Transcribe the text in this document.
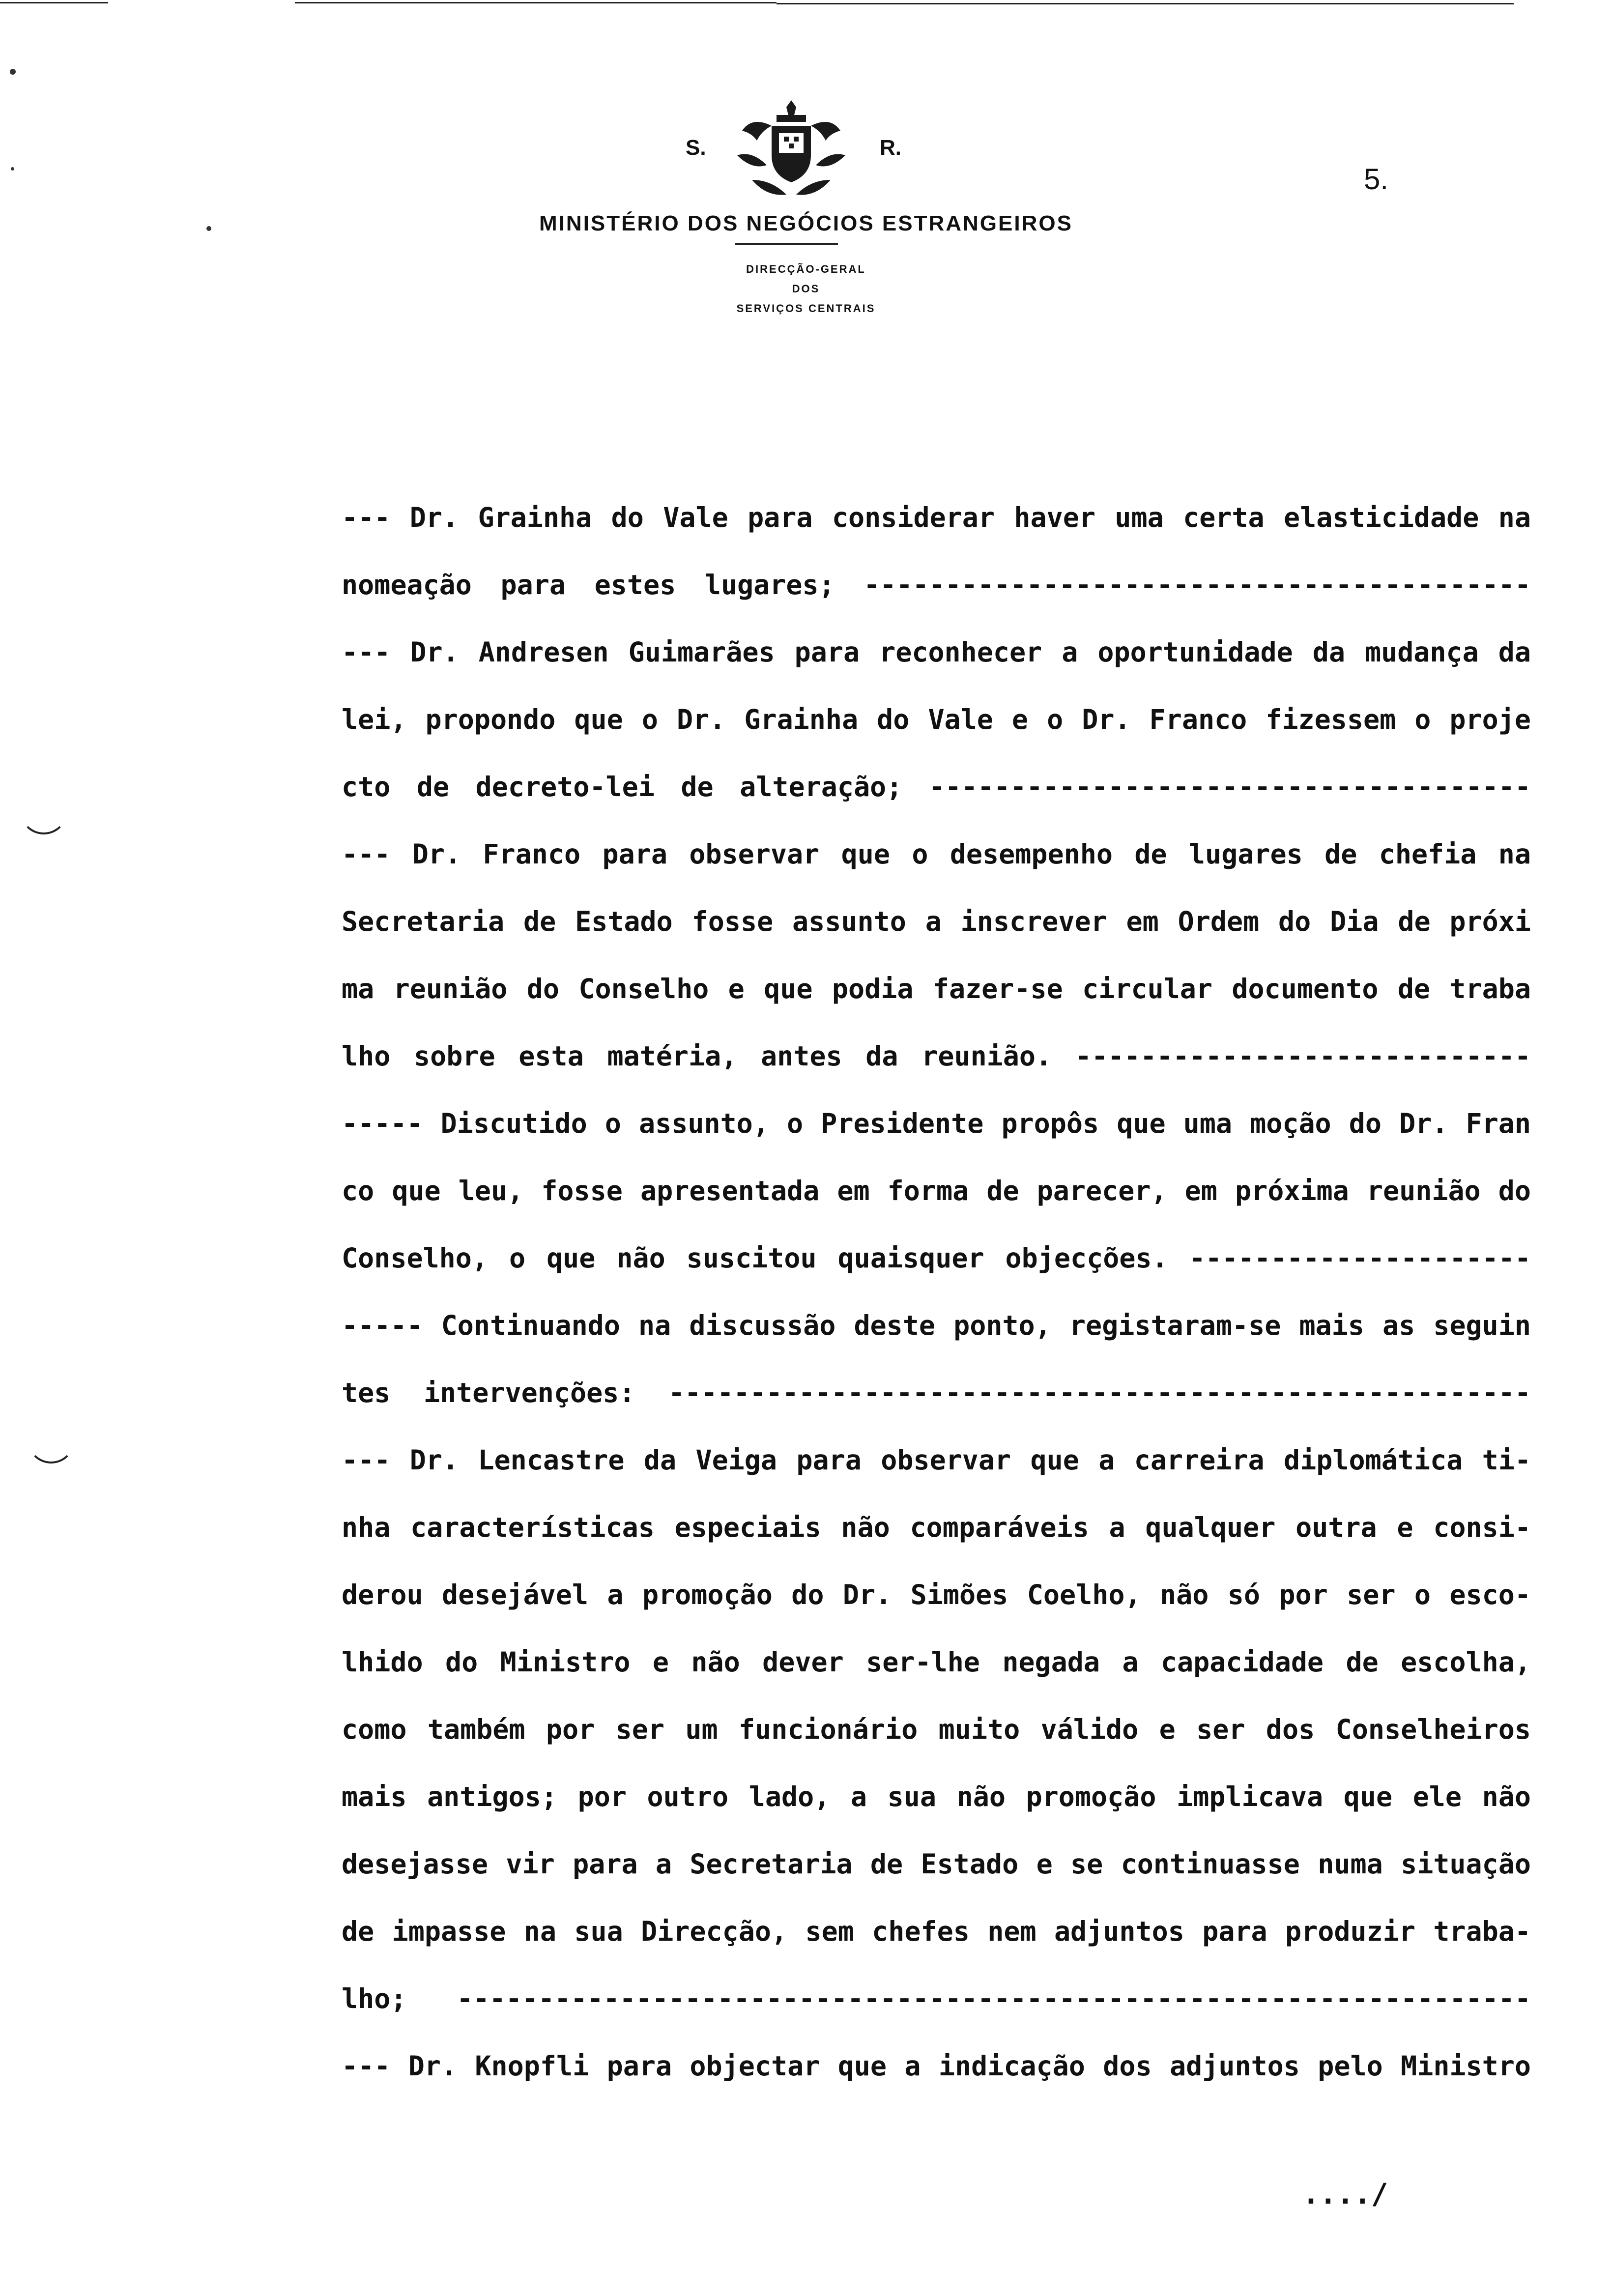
S.	R.
MINISTÉRIO DOS NEGÓCIOS ESTRANGEIROS
DIRECÇÃO-GERAL
DOS
SERVIÇOS CENTRAIS
5.
--- Dr. Grainha do Vale para considerar haver uma certa elasticidade na
nomeação para estes lugares; -----------------------------------------
--- Dr. Andresen Guimarães para reconhecer a oportunidade da mudança da
lei, propondo que o Dr. Grainha do Vale e o Dr. Franco fizessem o proje
cto de decreto-lei de alteração; -------------------------------------
--- Dr. Franco para observar que o desempenho de lugares de chefia na
Secretaria de Estado fosse assunto a inscrever em Ordem do Dia de próxi
ma reunião do Conselho e que podia fazer-se circular documento de traba
lho sobre esta matéria, antes da reunião. ----------------------------
----- Discutido o assunto, o Presidente propôs que uma moção do Dr. Fran
co que leu, fosse apresentada em forma de parecer, em próxima reunião do
Conselho, o que não suscitou quaisquer objecções. ---------------------
----- Continuando na discussão deste ponto, registaram-se mais as seguin
tes intervenções: -----------------------------------------------------
--- Dr. Lencastre da Veiga para observar que a carreira diplomática ti-
nha características especiais não comparáveis a qualquer outra e consi-
derou desejável a promoção do Dr. Simões Coelho, não só por ser o esco-
lhido do Ministro e não dever ser-lhe negada a capacidade de escolha,
como também por ser um funcionário muito válido e ser dos Conselheiros
mais antigos; por outro lado, a sua não promoção implicava que ele não
desejasse vir para a Secretaria de Estado e se continuasse numa situação
de impasse na sua Direcção, sem chefes nem adjuntos para produzir traba-
lho; ------------------------------------------------------------------
--- Dr. Knopfli para objectar que a indicação dos adjuntos pelo Ministro
..../
